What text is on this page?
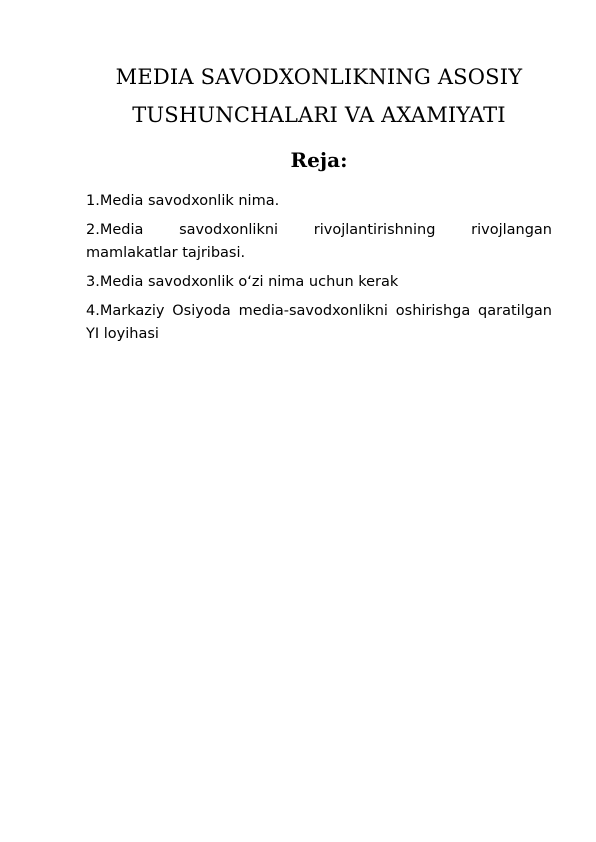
MEDIA SAVODXONLIKNING ASOSIY
TUSHUNCHALARI VA AXAMIYATI
Reja:
1.Media savodxonlik nima.
2.Media savodxonlikni rivojlantirishning rivojlangan mamlakatlar tajribasi.
3.Media savodxonlik o‘zi nima uchun kerak
4.Markaziy Osiyoda media-savodxonlikni oshirishga qaratilgan YI loyihasi
